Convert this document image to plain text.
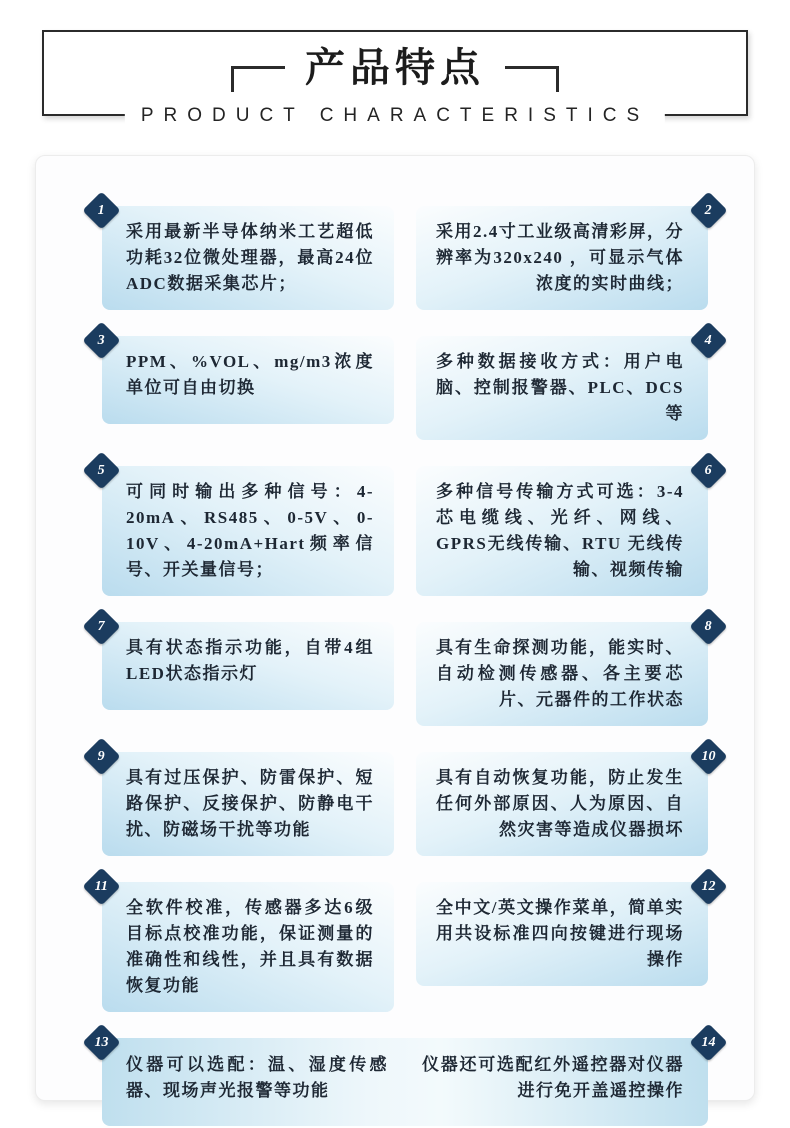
产品特点
PRODUCT CHARACTERISTICS
1

采用最新半导体纳米工艺超低功耗32位微处理器，最高24位ADC数据采集芯片；

2

采用2.4寸工业级高清彩屏，分辨率为320x240 ，可显示气体浓度的实时曲线；

3

PPM、%VOL、mg/m3浓度单位可自由切换

4

多种数据接收方式：用户电脑、控制报警器、PLC、DCS等

5

可同时输出多种信号：4-20mA、RS485、0-5V、0-10V、4-20mA+Hart频率信号、开关量信号；

6

多种信号传输方式可选：3-4芯电缆线、光纤、网线、GPRS无线传输、RTU 无线传输、视频传输

7

具有状态指示功能，自带4组LED状态指示灯

8

具有生命探测功能，能实时、自动检测传感器、各主要芯片、元器件的工作状态

9

具有过压保护、防雷保护、短路保护、反接保护、防静电干扰、防磁场干扰等功能

10

具有自动恢复功能，防止发生任何外部原因、人为原因、自然灾害等造成仪器损坏

11

全软件校准，传感器多达6级目标点校准功能，保证测量的准确性和线性，并且具有数据恢复功能

12

全中文/英文操作菜单，简单实用共设标准四向按键进行现场操作

13	14

仪器可以选配：温、湿度传感器、现场声光报警等功能

仪器还可选配红外遥控器对仪器进行免开盖遥控操作
